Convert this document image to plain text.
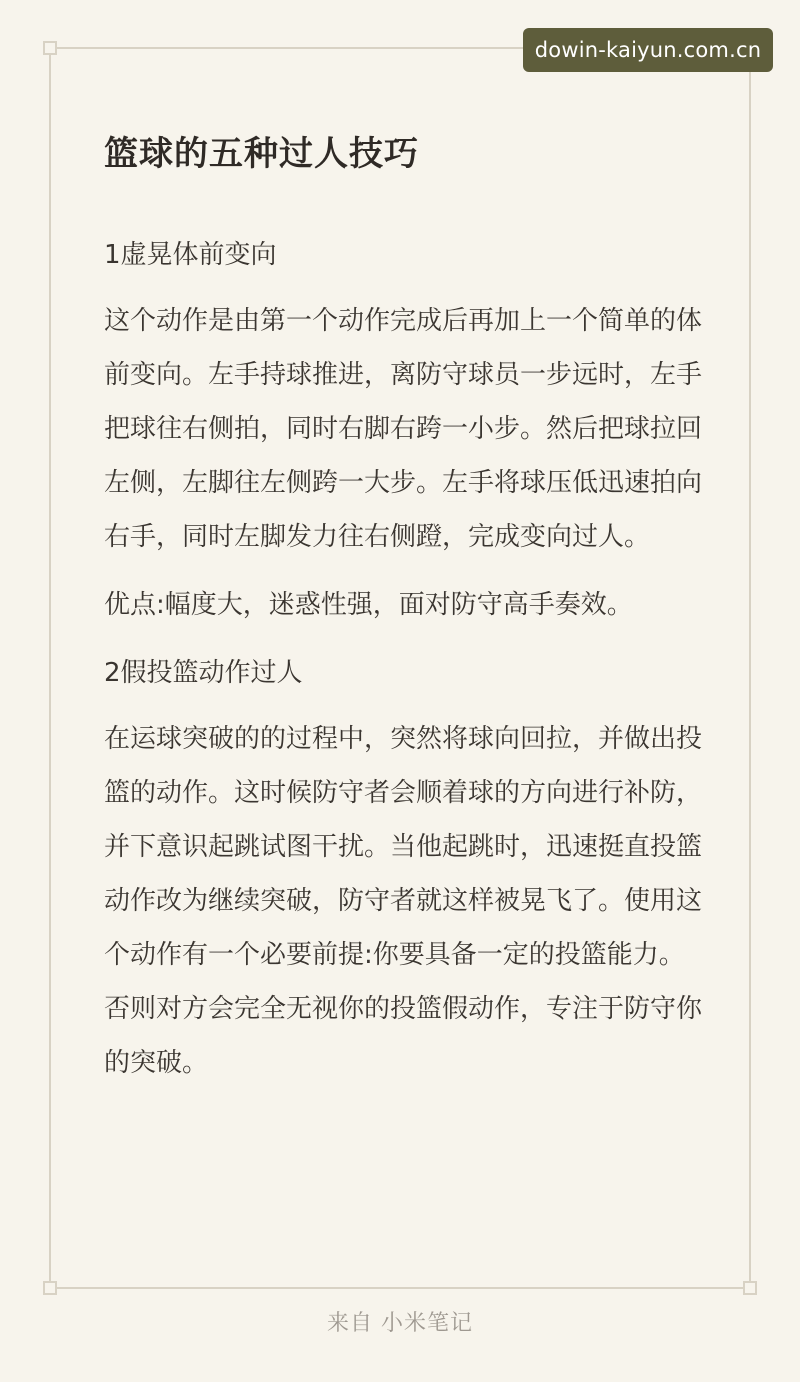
dowin-kaiyun.com.cn
篮球的五种过人技巧
1虚晃体前变向
这个动作是由第一个动作完成后再加上一个简单的体前变向。左手持球推进，离防守球员一步远时，左手把球往右侧拍，同时右脚右跨一小步。然后把球拉回左侧，左脚往左侧跨一大步。左手将球压低迅速拍向右手，同时左脚发力往右侧蹬，完成变向过人。
优点:幅度大，迷惑性强，面对防守高手奏效。
2假投篮动作过人
在运球突破的的过程中，突然将球向回拉，并做出投篮的动作。这时候防守者会顺着球的方向进行补防，并下意识起跳试图干扰。当他起跳时，迅速挺直投篮动作改为继续突破，防守者就这样被晃飞了。使用这个动作有一个必要前提:你要具备一定的投篮能力。否则对方会完全无视你的投篮假动作，专注于防守你的突破。
来自 小米笔记
